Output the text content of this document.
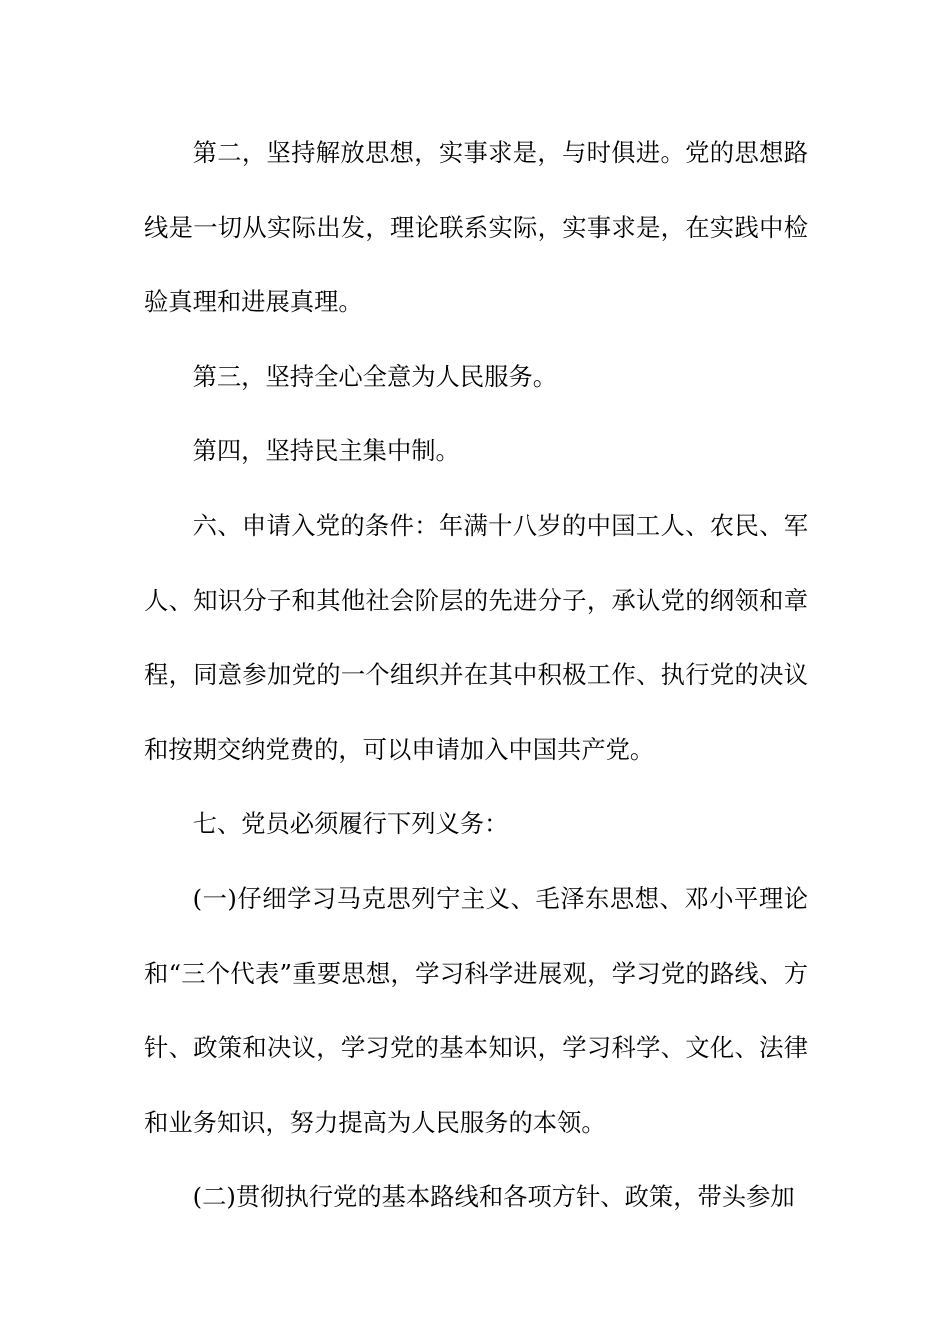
第二，坚持解放思想，实事求是，与时俱进。党的思想路线是一切从实际出发，理论联系实际，实事求是，在实践中检验真理和进展真理。

第三，坚持全心全意为人民服务。

第四，坚持民主集中制。

六、申请入党的条件：年满十八岁的中国工人、农民、军人、知识分子和其他社会阶层的先进分子，承认党的纲领和章程，同意参加党的一个组织并在其中积极工作、执行党的决议和按期交纳党费的，可以申请加入中国共产党。

七、党员必须履行下列义务：

(一)仔细学习马克思列宁主义、毛泽东思想、邓小平理论和“三个代表”重要思想，学习科学进展观，学习党的路线、方针、政策和决议，学习党的基本知识，学习科学、文化、法律和业务知识，努力提高为人民服务的本领。

(二)贯彻执行党的基本路线和各项方针、政策，带头参加
